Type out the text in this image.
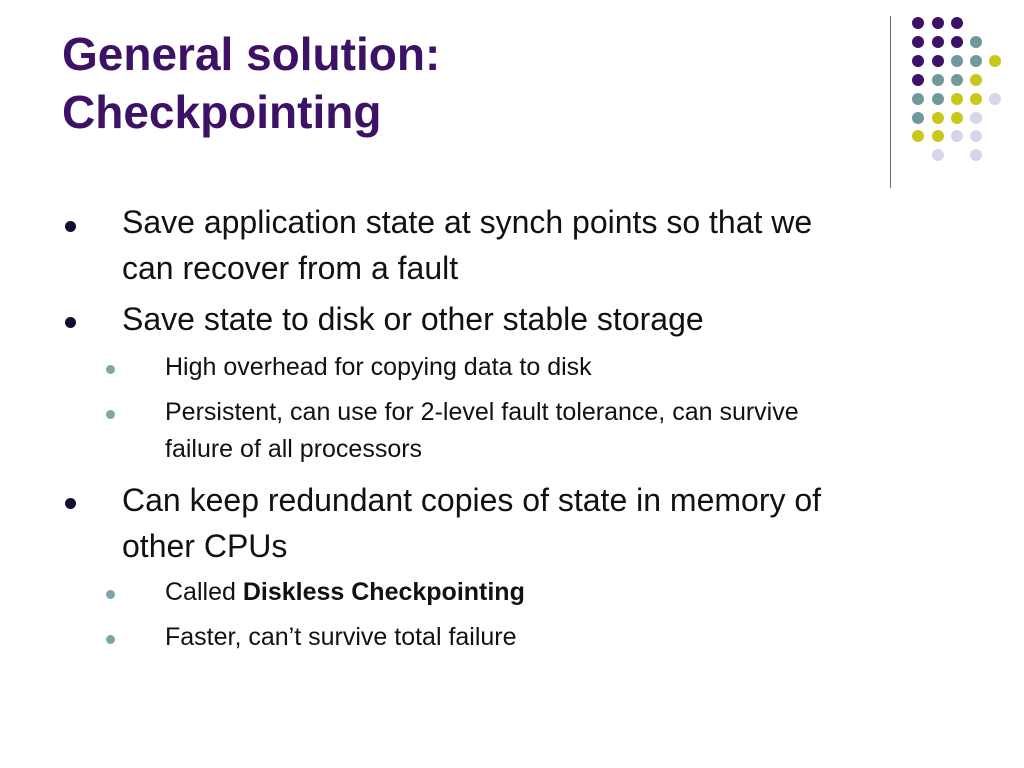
General solution:
Checkpointing
Save application state at synch points so that we
can recover from a fault
Save state to disk or other stable storage
High overhead for copying data to disk
Persistent, can use for 2-level fault tolerance, can survive
failure of all processors
Can keep redundant copies of state in memory of
other CPUs
Called Diskless Checkpointing
Faster, can’t survive total failure
